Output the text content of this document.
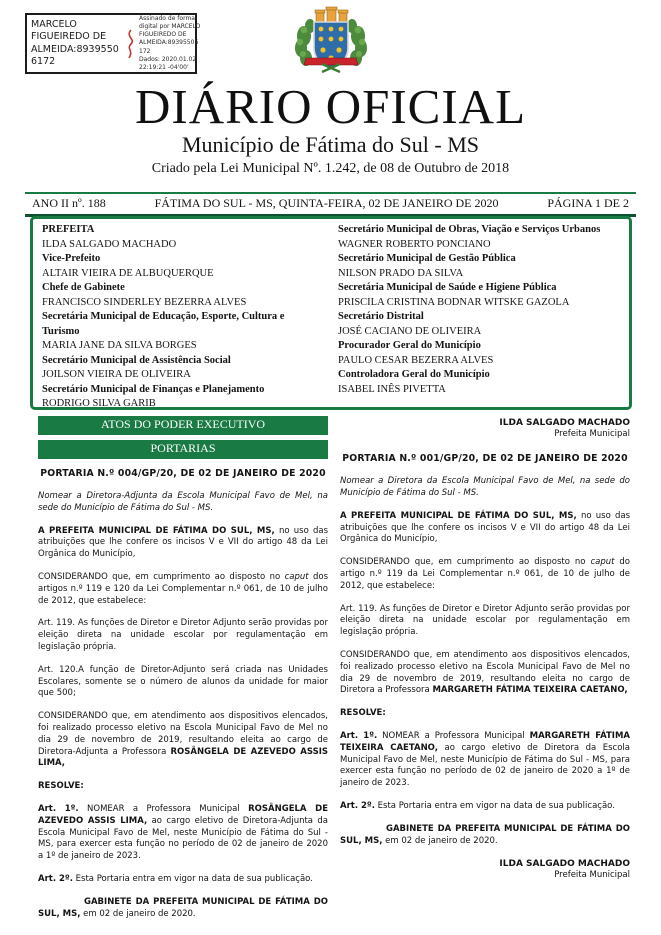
MARCELO FIGUEIREDO DE ALMEIDA:89395506172
Assinado de forma digital por MARCELO FIGUEIREDO DE ALMEIDA:89395506172
Dados: 2020.01.02 22:19:21 -04'00'
DIÁRIO OFICIAL
Município de Fátima do Sul - MS
Criado pela Lei Municipal Nº. 1.242, de 08 de Outubro de 2018
ANO II nº. 188	FÁTIMA DO SUL - MS, QUINTA-FEIRA, 02 DE JANEIRO DE 2020	PÁGINA 1 DE 2
PREFEITA
ILDA SALGADO MACHADO
Vice-Prefeito
ALTAIR VIEIRA DE ALBUQUERQUE
Chefe de Gabinete
FRANCISCO SINDERLEY BEZERRA ALVES
Secretária Municipal de Educação, Esporte, Cultura e Turismo
MARIA JANE DA SILVA BORGES
Secretário Municipal de Assistência Social
JOILSON VIEIRA DE OLIVEIRA
Secretário Municipal de Finanças e Planejamento
RODRIGO SILVA GARIB
Secretário Municipal de Obras, Viação e Serviços Urbanos
WAGNER ROBERTO PONCIANO
Secretário Municipal de Gestão Pública
NILSON PRADO DA SILVA
Secretária Municipal de Saúde e Higiene Pública
PRISCILA CRISTINA BODNAR WITSKE GAZOLA
Secretário Distrital
JOSÉ CACIANO DE OLIVEIRA
Procurador Geral do Município
PAULO CESAR BEZERRA ALVES
Controladora Geral do Município
ISABEL INÊS PIVETTA
ATOS DO PODER EXECUTIVO
PORTARIAS
PORTARIA N.º 004/GP/20, DE 02 DE JANEIRO DE 2020

Nomear a Diretora-Adjunta da Escola Municipal Favo de Mel, na sede do Município de Fátima do Sul - MS.

A PREFEITA MUNICIPAL DE FÁTIMA DO SUL, MS, no uso das atribuições que lhe confere os incisos V e VII do artigo 48 da Lei Orgânica do Município,

CONSIDERANDO que, em cumprimento ao disposto no caput dos artigos n.º 119 e 120 da Lei Complementar n.º 061, de 10 de julho de 2012, que estabelece:

Art. 119. As funções de Diretor e Diretor Adjunto serão providas por eleição direta na unidade escolar por regulamentação em legislação própria.

Art. 120.A função de Diretor-Adjunto será criada nas Unidades Escolares, somente se o número de alunos da unidade for maior que 500;

CONSIDERANDO que, em atendimento aos dispositivos elencados, foi realizado processo eletivo na Escola Municipal Favo de Mel no dia 29 de novembro de 2019, resultando eleita ao cargo de Diretora-Adjunta a Professora ROSÂNGELA DE AZEVEDO ASSIS LIMA,

RESOLVE:

Art. 1º. NOMEAR a Professora Municipal ROSÂNGELA DE AZEVEDO ASSIS LIMA, ao cargo eletivo de Diretora-Adjunta da Escola Municipal Favo de Mel, neste Município de Fátima do Sul - MS, para exercer esta função no período de 02 de janeiro de 2020 a 1º de janeiro de 2023.

Art. 2º. Esta Portaria entra em vigor na data de sua publicação.

GABINETE DA PREFEITA MUNICIPAL DE FÁTIMA DO SUL, MS, em 02 de janeiro de 2020.

ILDA SALGADO MACHADO
Prefeita Municipal
PORTARIA N.º 001/GP/20, DE 02 DE JANEIRO DE 2020

Nomear a Diretora da Escola Municipal Favo de Mel, na sede do Município de Fátima do Sul - MS.

A PREFEITA MUNICIPAL DE FÁTIMA DO SUL, MS, no uso das atribuições que lhe confere os incisos V e VII do artigo 48 da Lei Orgânica do Município,

CONSIDERANDO que, em cumprimento ao disposto no caput do artigo n.º 119 da Lei Complementar n.º 061, de 10 de julho de 2012, que estabelece:

Art. 119. As funções de Diretor e Diretor Adjunto serão providas por eleição direta na unidade escolar por regulamentação em legislação própria.

CONSIDERANDO que, em atendimento aos dispositivos elencados, foi realizado processo eletivo na Escola Municipal Favo de Mel no dia 29 de novembro de 2019, resultando eleita no cargo de Diretora a Professora MARGARETH FÁTIMA TEIXEIRA CAETANO,

RESOLVE:

Art. 1º. NOMEAR a Professora Municipal MARGARETH FÁTIMA TEIXEIRA CAETANO, ao cargo eletivo de Diretora da Escola Municipal Favo de Mel, neste Município de Fátima do Sul - MS, para exercer esta função no período de 02 de janeiro de 2020 a 1º de janeiro de 2023.

Art. 2º. Esta Portaria entra em vigor na data de sua publicação.

GABINETE DA PREFEITA MUNICIPAL DE FÁTIMA DO SUL, MS, em 02 de janeiro de 2020.

ILDA SALGADO MACHADO
Prefeita Municipal
